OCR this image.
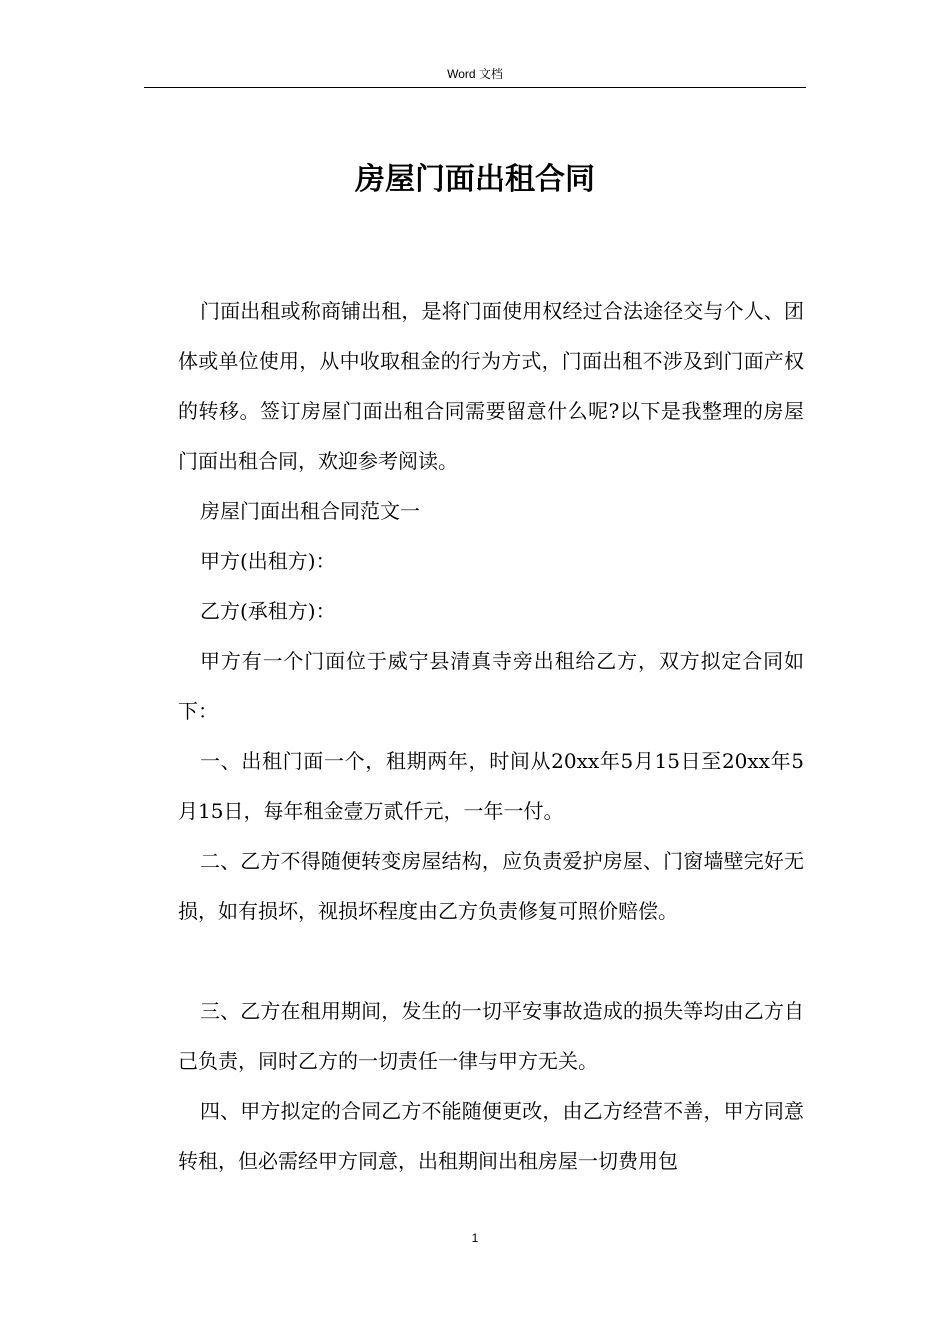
Word 文档
房屋门面出租合同

门面出租或称商铺出租，是将门面使用权经过合法途径交与个人、团体或单位使用，从中收取租金的行为方式，门面出租不涉及到门面产权的转移。签订房屋门面出租合同需要留意什么呢?以下是我整理的房屋门面出租合同，欢迎参考阅读。

房屋门面出租合同范文一

甲方(出租方)：

乙方(承租方)：

甲方有一个门面位于威宁县清真寺旁出租给乙方，双方拟定合同如下：

一、出租门面一个，租期两年，时间从20xx年5月15日至20xx年5月15日，每年租金壹万贰仟元，一年一付。

二、乙方不得随便转变房屋结构，应负责爱护房屋、门窗墙壁完好无损，如有损坏，视损坏程度由乙方负责修复可照价赔偿。

三、乙方在租用期间，发生的一切平安事故造成的损失等均由乙方自己负责，同时乙方的一切责任一律与甲方无关。

四、甲方拟定的合同乙方不能随便更改，由乙方经营不善，甲方同意转租，但必需经甲方同意，出租期间出租房屋一切费用包

1
